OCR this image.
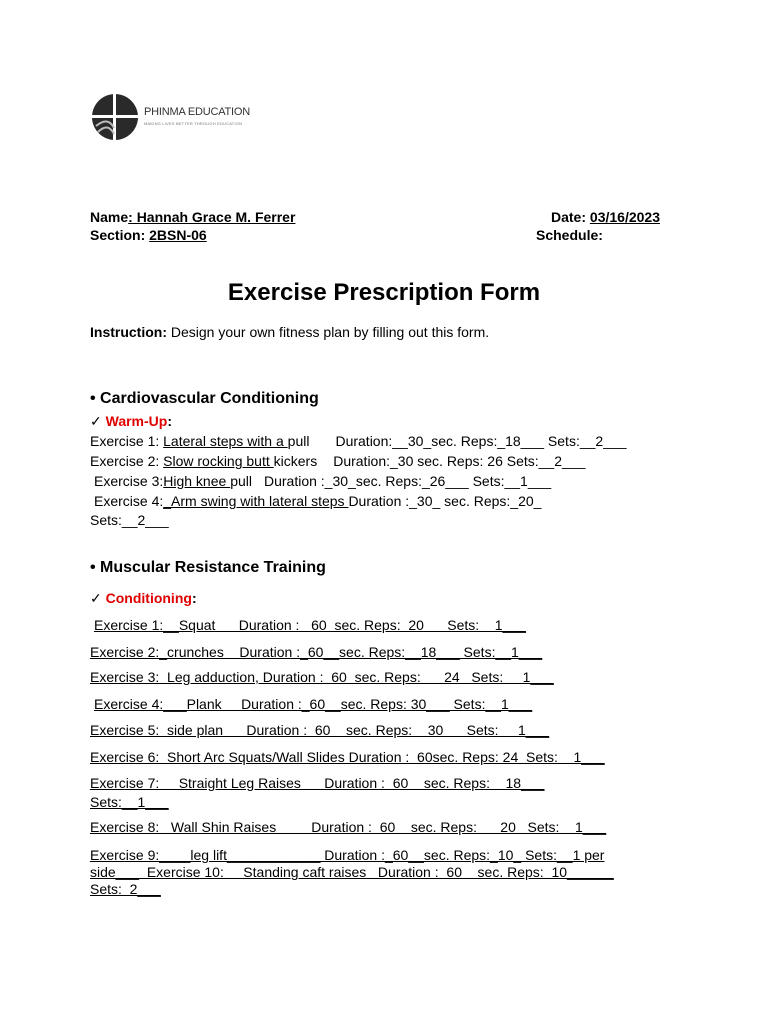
PHINMA EDUCATION
MAKING LIVES BETTER THROUGH EDUCATION
Name: Hannah Grace M. Ferrer	Date: 03/16/2023
Section: 2BSN-06	Schedule:
Exercise Prescription Form
Instruction: Design your own fitness plan by filling out this form.
• Cardiovascular Conditioning
✓ Warm-Up:
Exercise 1: Lateral steps with a pull Duration:__30_sec. Reps:_18___ Sets:__2___
Exercise 2: Slow rocking butt kickers Duration:_30 sec. Reps: 26 Sets:__2___
Exercise 3:High knee pull Duration :_30_sec. Reps:_26___ Sets:__1___
Exercise 4:_Arm swing with lateral steps Duration :_30_ sec. Reps:_20_
Sets:__2___
• Muscular Resistance Training
✓ Conditioning:
Exercise 1:__Squat      Duration :   60  sec. Reps:  20      Sets:    1___
Exercise 2:_crunches    Duration :_60__sec. Reps:__18___ Sets:__1___
Exercise 3:  Leg adduction, Duration :  60  sec. Reps:      24   Sets:     1___
Exercise 4:___Plank     Duration :_60__sec. Reps: 30___ Sets:__1___
Exercise 5:  side plan      Duration :  60    sec. Reps:    30      Sets:     1___
Exercise 6:  Short Arc Squats/Wall Slides Duration :  60sec. Reps: 24  Sets:    1___
Exercise 7:     Straight Leg Raises      Duration :  60    sec. Reps:    18___
Sets:__1___
Exercise 8:   Wall Shin Raises         Duration :  60    sec. Reps:      20   Sets:    1___
Exercise 9:____leg lift____________ Duration :_60__sec. Reps:_10_ Sets:__1 per
side___  Exercise 10:     Standing caft raises   Duration :  60    sec. Reps:  10______
Sets:  2___
